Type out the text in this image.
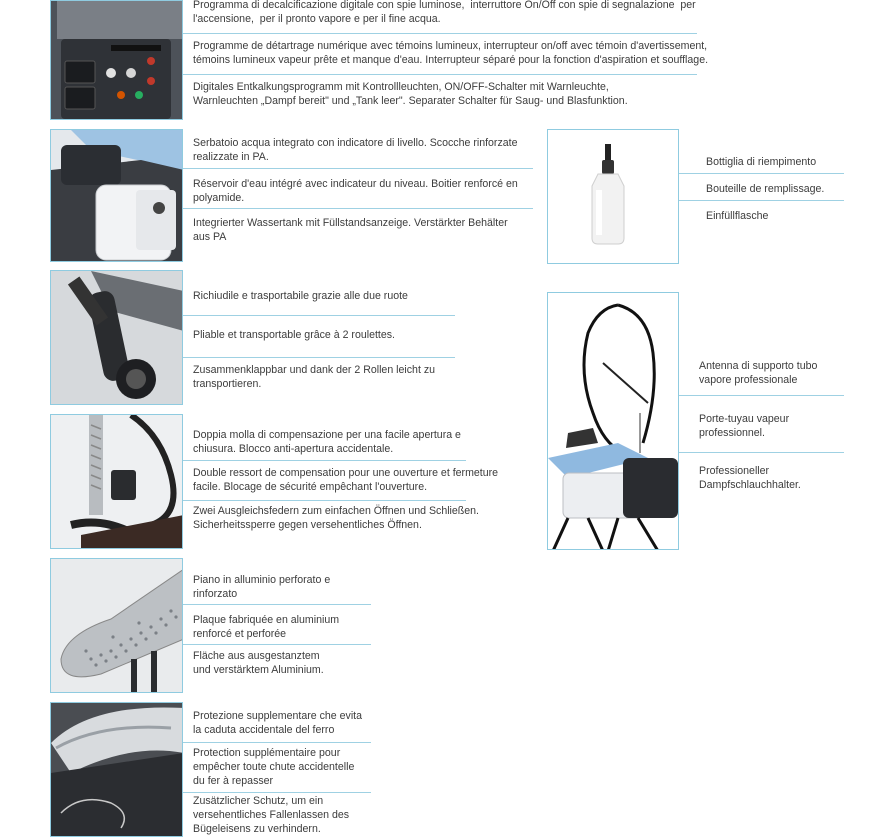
Programma di decalcificazione digitale con spie luminose,  interruttore On/Off con spie di segnalazione  per
l'accensione,  per il pronto vapore e per il fine acqua.
Programme de détartrage numérique avec témoins lumineux, interrupteur on/off avec témoin d'avertissement,
témoins lumineux vapeur prête et manque d'eau. Interrupteur séparé pour la fonction d'aspiration et soufflage.
Digitales Entkalkungsprogramm mit Kontrollleuchten, ON/OFF-Schalter mit Warnleuchte,
Warnleuchten „Dampf bereit" und „Tank leer". Separater Schalter für Saug- und Blasfunktion.
Serbatoio acqua integrato con indicatore di livello. Scocche rinforzate
realizzate in PA.
Réservoir d'eau intégré avec indicateur du niveau. Boitier renforcé en
polyamide.
Integrierter Wassertank mit Füllstandsanzeige. Verstärkter Behälter
aus PA
Richiudile e trasportabile grazie alle due ruote
Pliable et transportable grâce à 2 roulettes.
Zusammenklappbar und dank der 2 Rollen leicht zu
transportieren.
Doppia molla di compensazione per una facile apertura e
chiusura. Blocco anti-apertura accidentale.
Double ressort de compensation pour une ouverture et fermeture
facile. Blocage de sécurité empêchant l'ouverture.
Zwei Ausgleichsfedern zum einfachen Öffnen und Schließen.
Sicherheitssperre gegen versehentliches Öffnen.
Piano in alluminio perforato e
rinforzato
Plaque fabriquée en aluminium
renforcé et perforée
Fläche aus ausgestanztem
und verstärktem Aluminium.
Protezione supplementare che evita
la caduta accidentale del ferro
Protection supplémentaire pour
empêcher toute chute accidentelle
du fer à repasser
Zusätzlicher Schutz, um ein
versehentliches Fallenlassen des
Bügeleisens zu verhindern.
Bottiglia di riempimento
Bouteille de remplissage.
Einfüllflasche
Antenna di supporto tubo
vapore professionale
Porte-tuyau vapeur
professionnel.
Professioneller
Dampfschlauchhalter.
